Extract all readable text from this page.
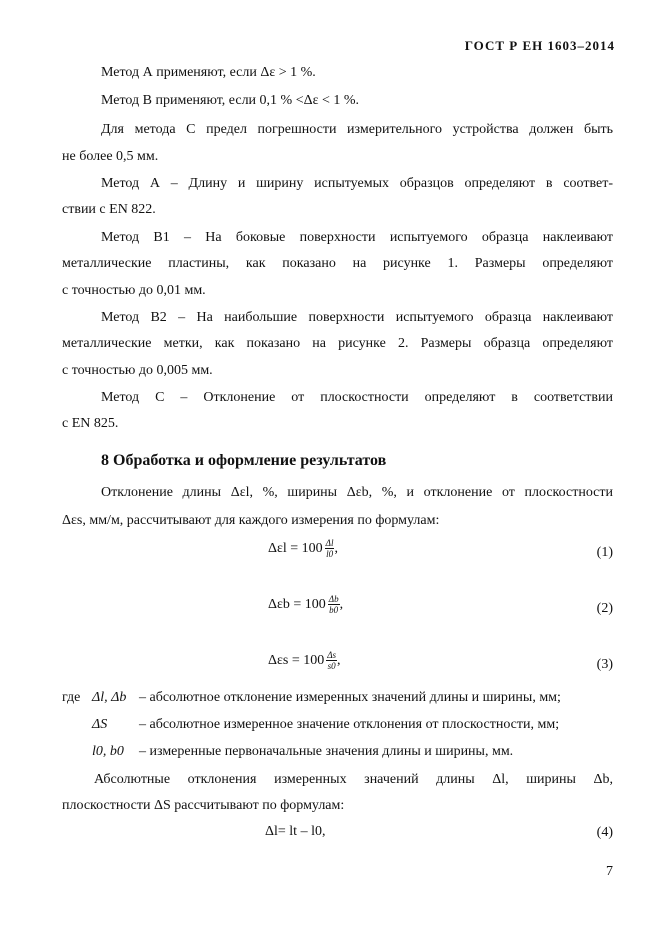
ГОСТ Р ЕН 1603–2014
Метод А применяют, если Δε > 1 %.
Метод В применяют, если 0,1 % <Δε < 1 %.
Для метода С предел погрешности измерительного устройства должен быть
не более 0,5 мм.
Метод А – Длину и ширину испытуемых образцов определяют в соответ-
ствии с EN 822.
Метод В1 – На боковые поверхности испытуемого образца наклеивают
металлические пластины, как показано на рисунке 1. Размеры определяют
с точностью до 0,01 мм.
Метод В2 – На наибольшие поверхности испытуемого образца наклеивают
металлические метки, как показано на рисунке 2. Размеры образца определяют
с точностью до 0,005 мм.
Метод С – Отклонение от плоскостности определяют в соответствии
с EN 825.
8 Обработка и оформление результатов
Отклонение длины Δεl, %, ширины Δεb, %, и отклонение от плоскостности
Δεs, мм/м, рассчитывают для каждого измерения по формулам:
$\Delta\varepsilon l = 100 \frac{\Delta l}{l0}$ ,	(1)
$\Delta\varepsilon b = 100 \frac{\Delta b}{b0}$ ,	(2)
$\Delta\varepsilon s = 100 \frac{\Delta s}{s0}$ ,	(3)
где Δl, Δb – абсолютное отклонение измеренных значений длины и ширины, мм;
ΔS – абсолютное измеренное значение отклонения от плоскостности, мм;
l0, b0 – измеренные первоначальные значения длины и ширины, мм.
Абсолютные отклонения измеренных значений длины Δl, ширины Δb,
плоскостности ΔS рассчитывают по формулам:
Δl= lt – l0,	(4)
7
